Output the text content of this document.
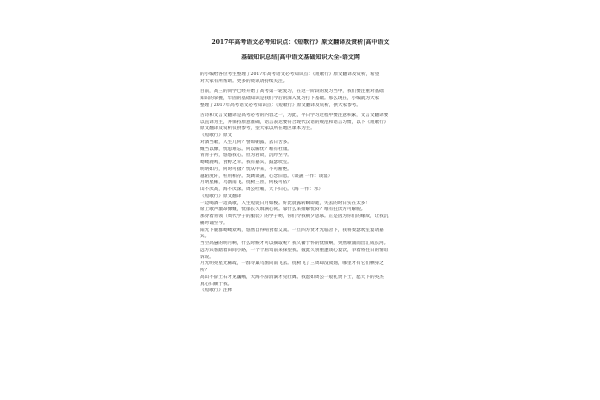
2017年高考语文必考知识点：《短歌行》原文翻译及赏析|高中语文
基础知识总结|高中语文基础知识大全-语文网
的小编给各位考生整理了2017年高考语文必考知识点：《短歌行》原文翻译及赏析，希望
对大家有所帮助。更多的资讯请持续关注。
目前，高三的同学已经开始了高考第一轮复习，在这一阶段的复习当中，我们要注重对基础
知识的掌握，牢固的基础知识是我们今后的深入复习打下基础。那么现在，小编就为大家
整理了2017年高考语文必考知识点：《短歌行》原文翻译及赏析，供大家参考。
古诗和文言文翻译是高考必考的内容之一，为此，平日学习过程中要注意积累，文言文翻译要
以直译为主，并保持原意准确，语言表达要符合现代汉语的规范和语言习惯，以下《短歌行》
原文翻译及赏析仅供参考，望大家以所在地区课本为主。
《短歌行》原文
对酒当歌，人生几何？譬如朝露，去日苦多。
慨当以慷，忧思难忘。何以解忧？唯有杜康。
青青子衿，悠悠我心。但为君故，沉吟至今。
呦呦鹿鸣，食野之苹。我有嘉宾，鼓瑟吹笙。
明明如月，何时可掇？忧从中来，不可断绝。
越陌度阡，枉用相存。契阔谈讌，心念旧恩。（谈讌 一作：谈宴）
月明星稀，乌鹊南飞。绕树三匝，何枝可依？
山不厌高，海不厌深。周公吐哺，天下归心。（海 一作：水）
《短歌行》原文翻译
一边喝酒一边高歌，人生短促日月如梭。好比晨露转瞬即逝，失去的时日实在太多！
席上歌声激昂慷慨，忧郁长久填满心窝。靠什么来排解忧闷？唯有狂饮方可解脱。
那穿着青领（周代学子的服装）的学子哟，你们令我朝夕思慕。正是因为你们的缘故，让我沉
痛吟诵至今。
阳光下鹿群呦呦欢鸣，悠然自得啃食着艾蒿。一旦四方贤才光临舍下，我将奏瑟吹笙宴请嘉
宾。
当空高悬的明月啊，什么时候才可以摘取呢？我久蓄于怀的忧愤啊，突然喷涌而出汇成长河。
远方宾客踏着田间小路，一个个屈驾前来探望我。彼此久别重逢谈心宴饮，争着将往日的情谊
诉说。
月光明亮星光稀疏，一群寻巢乌鹊向南飞去。绕树飞了三周却没敛翅，哪里才有它们栖身之
所？
高山不辞土石才见巍峨，大海不辞涓滴才见壮阔。我愿如周公一般礼贤下士，愿天下的英杰
真心归顺于我。
《短歌行》注释
